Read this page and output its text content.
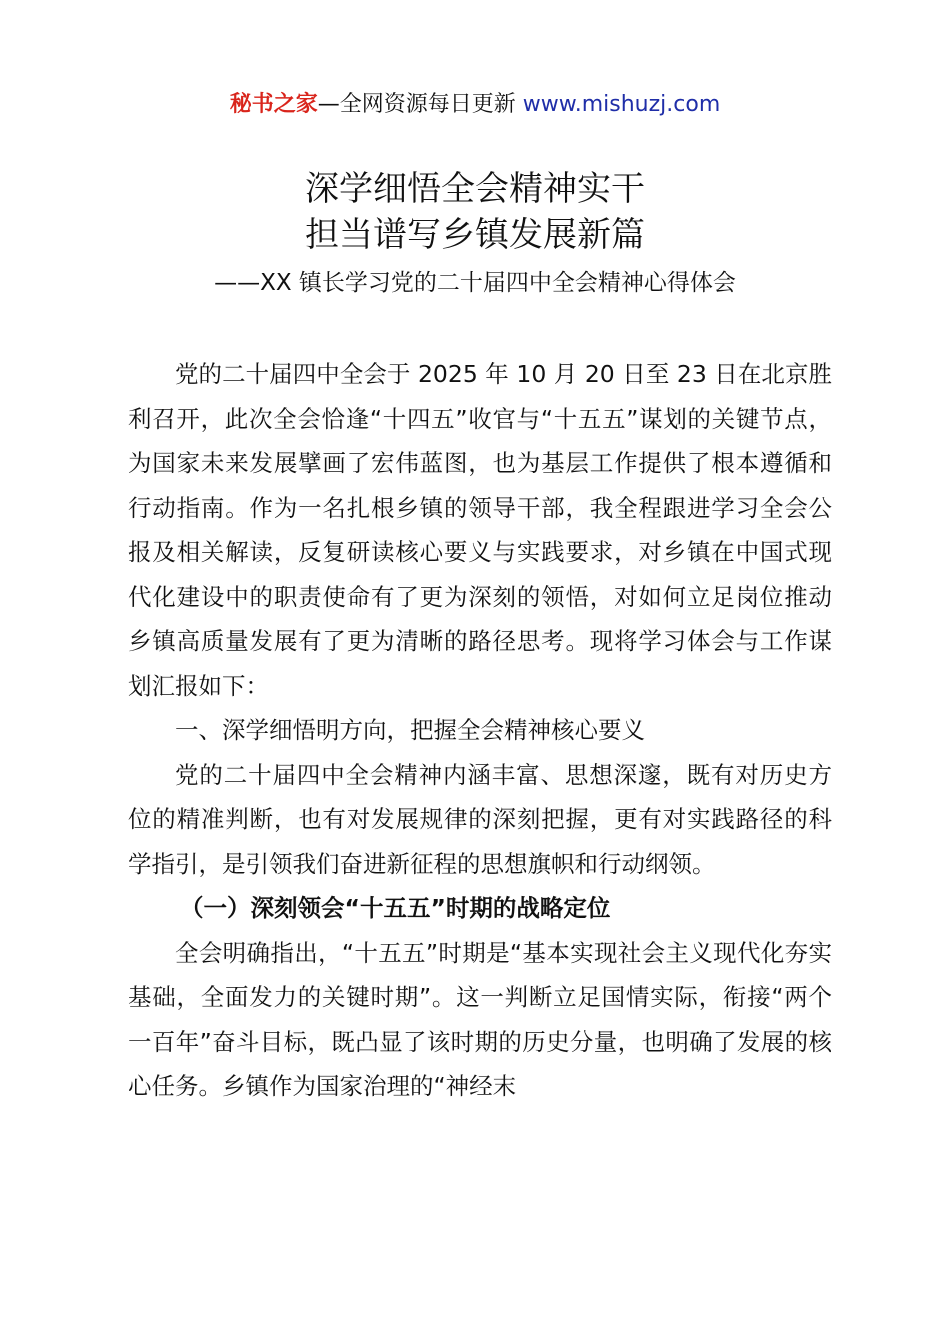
秘书之家—全网资源每日更新 www.mishuzj.com
深学细悟全会精神实干
担当谱写乡镇发展新篇
——XX 镇长学习党的二十届四中全会精神心得体会

党的二十届四中全会于 2025 年 10 月 20 日至 23 日在北京胜利召开，此次全会恰逢“十四五”收官与“十五五”谋划的关键节点，为国家未来发展擘画了宏伟蓝图，也为基层工作提供了根本遵循和行动指南。作为一名扎根乡镇的领导干部，我全程跟进学习全会公报及相关解读，反复研读核心要义与实践要求，对乡镇在中国式现代化建设中的职责使命有了更为深刻的领悟，对如何立足岗位推动乡镇高质量发展有了更为清晰的路径思考。现将学习体会与工作谋划汇报如下：

一、深学细悟明方向，把握全会精神核心要义

党的二十届四中全会精神内涵丰富、思想深邃，既有对历史方位的精准判断，也有对发展规律的深刻把握，更有对实践路径的科学指引，是引领我们奋进新征程的思想旗帜和行动纲领。

（一）深刻领会“十五五”时期的战略定位

全会明确指出，“十五五”时期是“基本实现社会主义现代化夯实基础，全面发力的关键时期”。这一判断立足国情实际，衔接“两个一百年”奋斗目标，既凸显了该时期的历史分量，也明确了发展的核心任务。乡镇作为国家治理的“神经末
